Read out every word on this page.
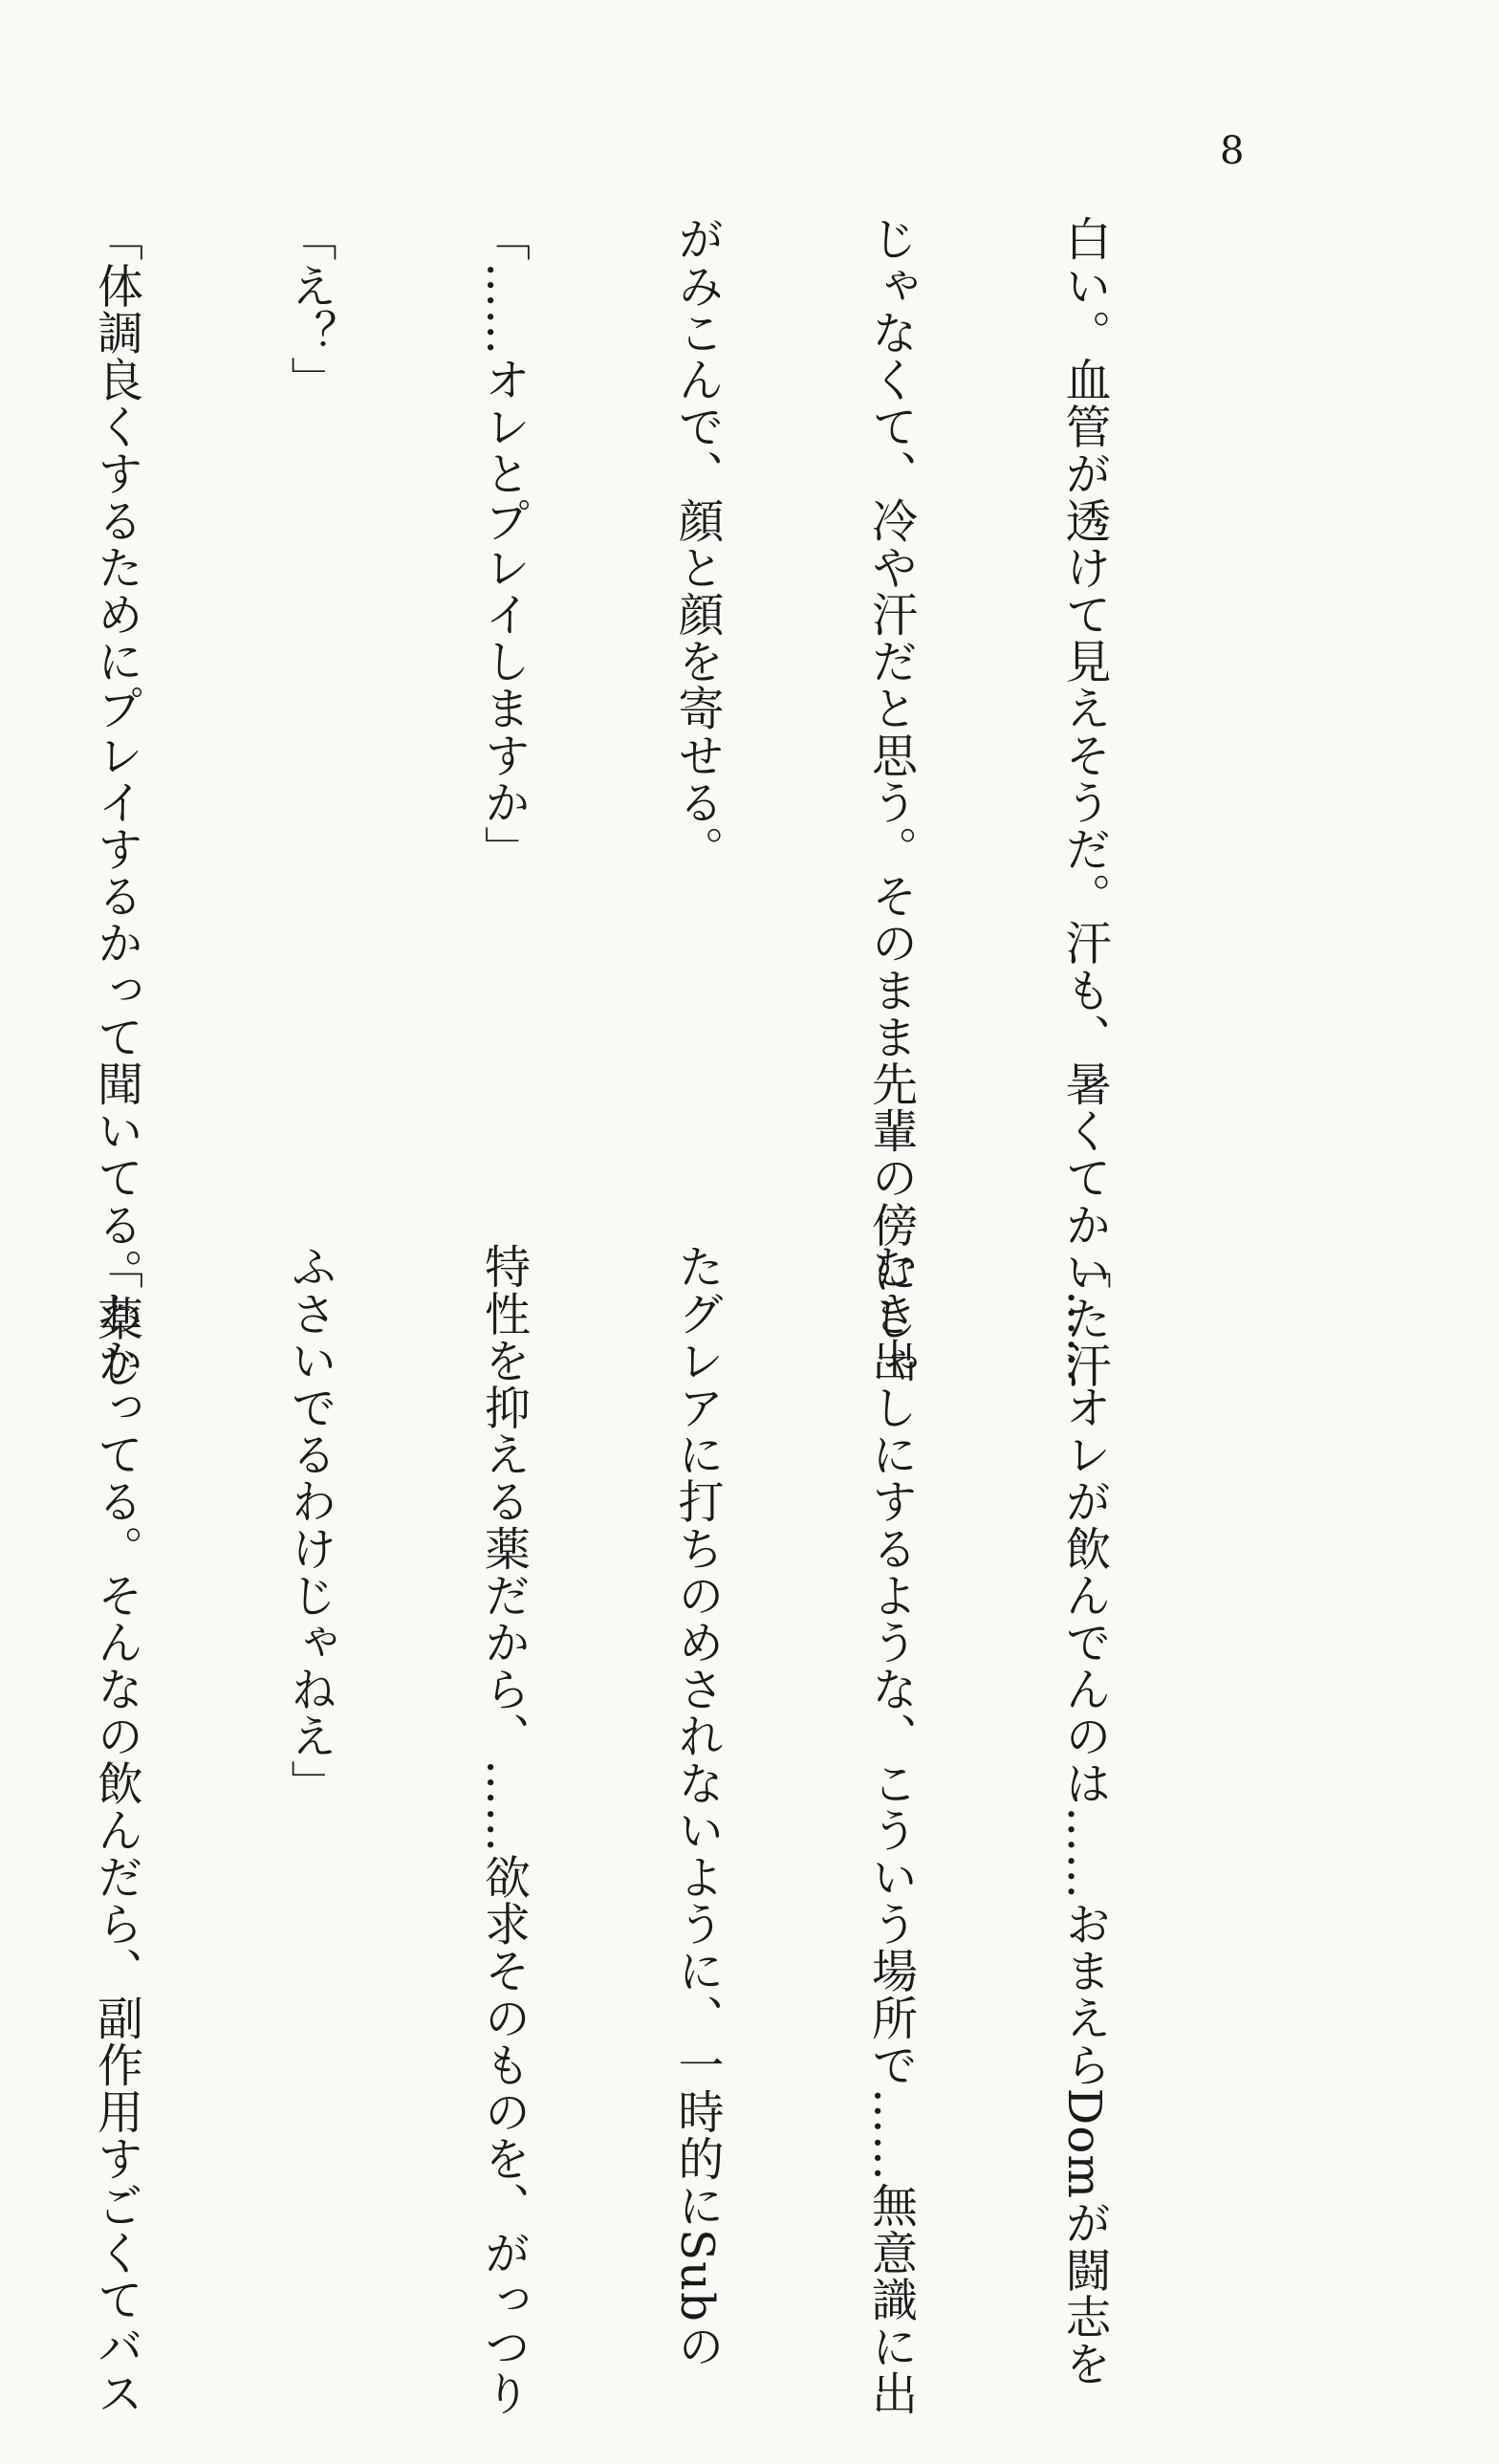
8

白い。血管が透けて見えそうだ。汗も、暑くてかいた汗

じゃなくて、冷や汗だと思う。そのまま先輩の傍にしゃ

がみこんで、顔と顔を寄せる。

「……オレとプレイしますか」

「え？」

「体調良くするためにプレイするかって聞いてる。薬じ

「……オレが飲んでんのは……おまえらDomが闘志を

むき出しにするような、こういう場所で……無意識に出

たグレアに打ちのめされないように、一時的にSubの

特性を抑える薬だから、……欲求そのものを、がっつり

ふさいでるわけじゃねえ」

「わかってる。そんなの飲んだら、副作用すごくてバス
